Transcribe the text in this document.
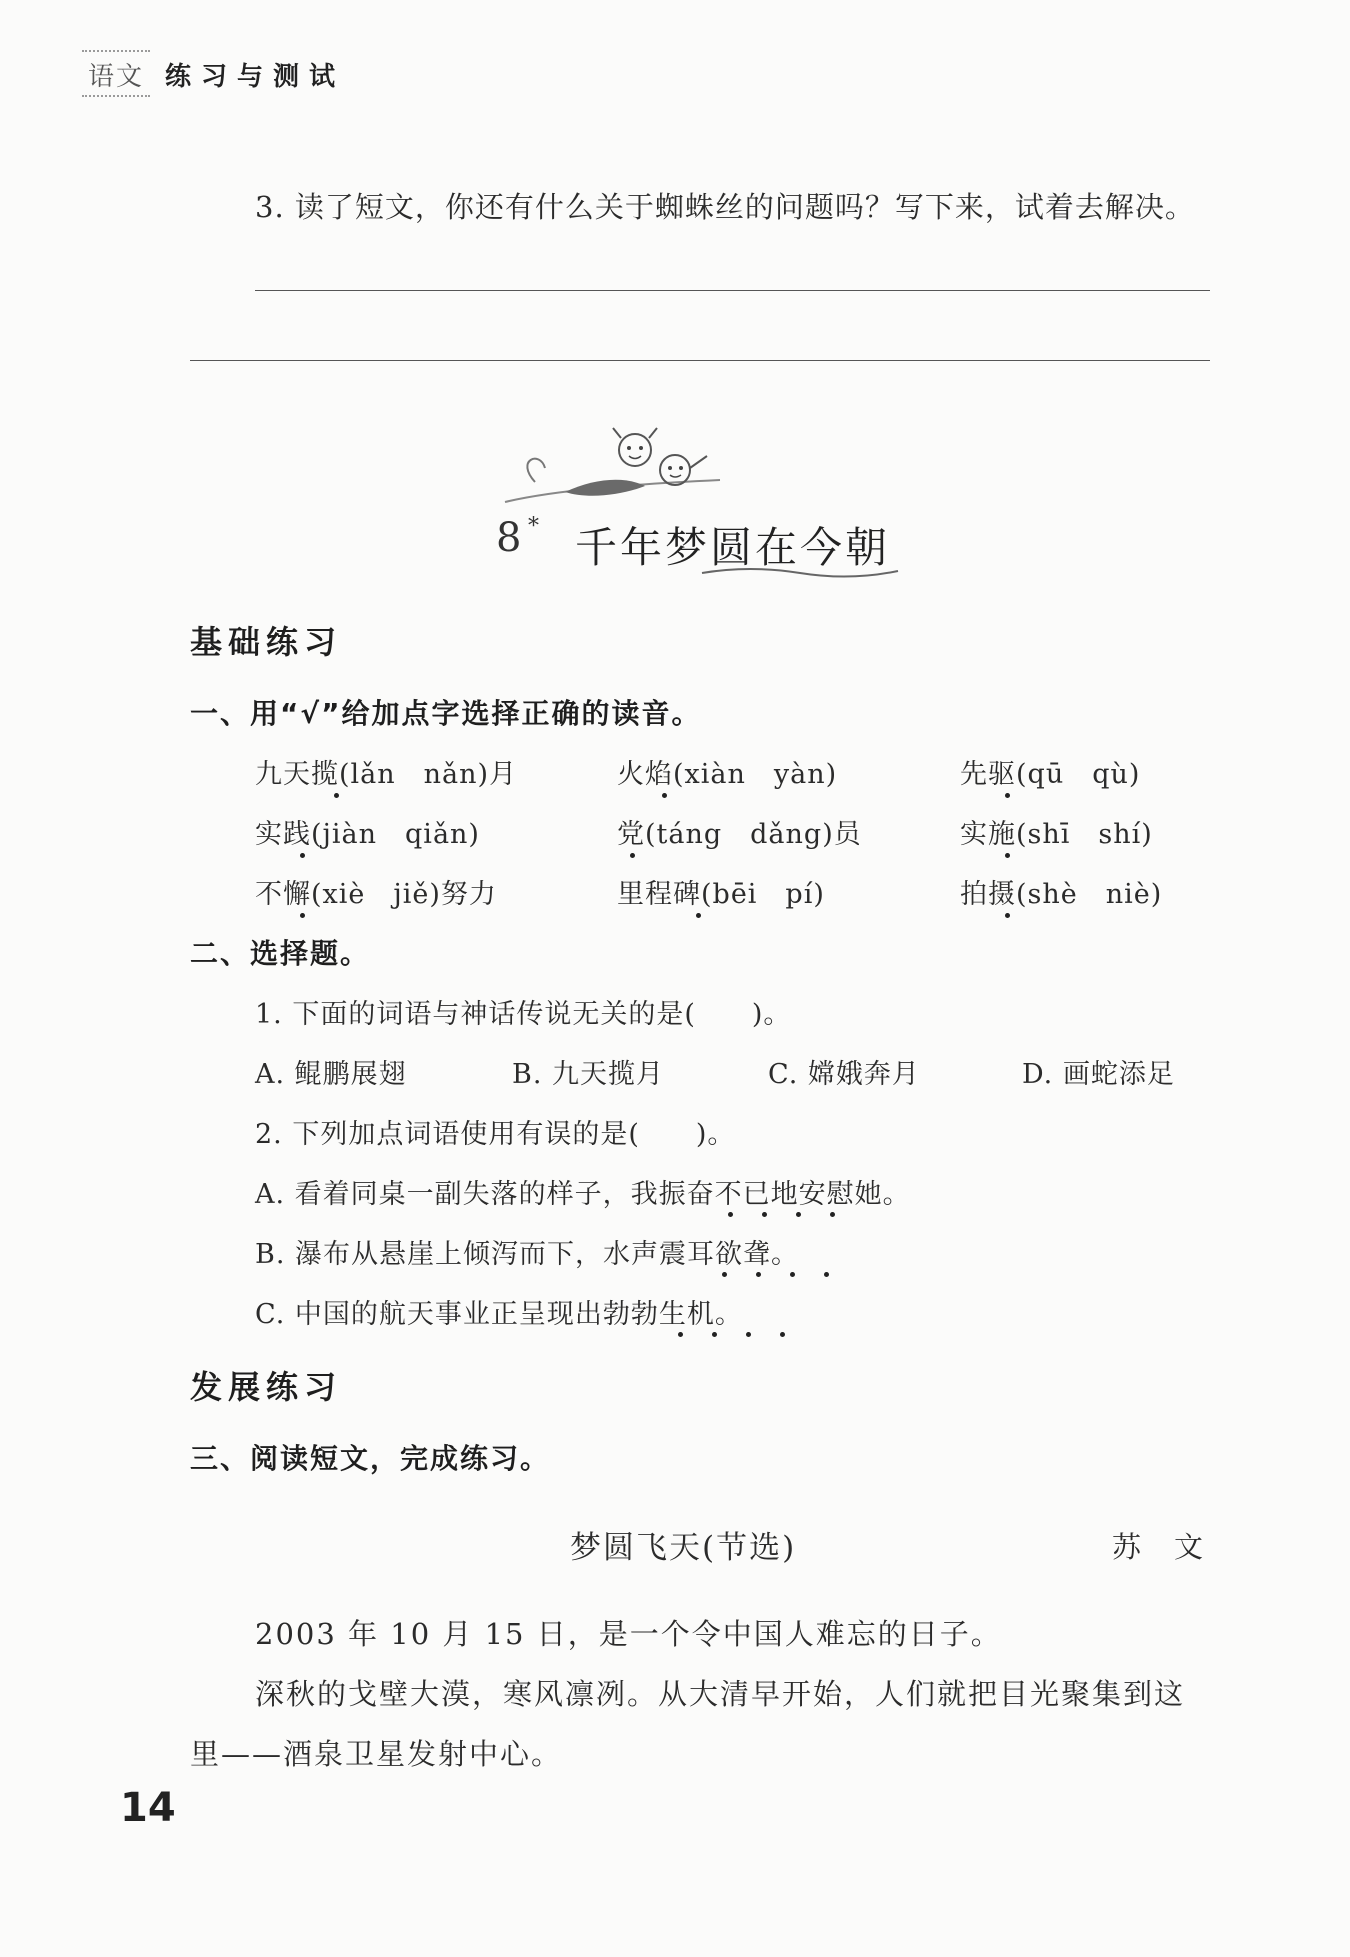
语文 练习与测试
3. 读了短文，你还有什么关于蜘蛛丝的问题吗？写下来，试着去解决。
8 * 千年梦圆在今朝
基础练习
一、用“√”给加点字选择正确的读音。
九天揽(lǎn　nǎn)月	火焰(xiàn　yàn)	先驱(qū　qù)
实践(jiàn　qiǎn)	党(táng　dǎng)员	实施(shī　shí)
不懈(xiè　jiě)努力	里程碑(bēi　pí)	拍摄(shè　niè)
二、选择题。
1. 下面的词语与神话传说无关的是(　　)。
A. 鲲鹏展翅	B. 九天揽月	C. 嫦娥奔月	D. 画蛇添足
2. 下列加点词语使用有误的是(　　)。
A. 看着同桌一副失落的样子，我振奋不已地安慰她。
B. 瀑布从悬崖上倾泻而下，水声震耳欲聋。
C. 中国的航天事业正呈现出勃勃生机。
发展练习
三、阅读短文，完成练习。
梦圆飞天(节选)	苏　文
2003 年 10 月 15 日，是一个令中国人难忘的日子。
深秋的戈壁大漠，寒风凛冽。从大清早开始，人们就把目光聚集到这
里——酒泉卫星发射中心。
14
